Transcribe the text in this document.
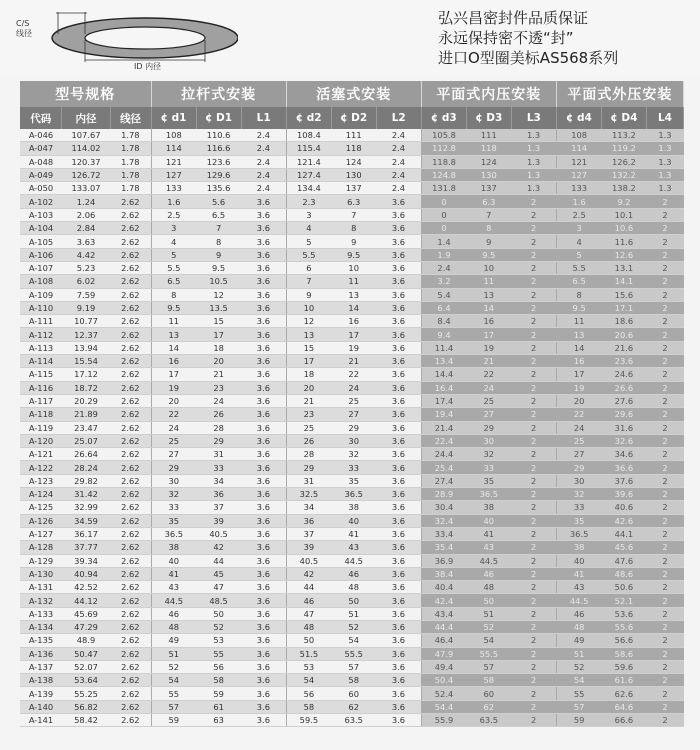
C/S
线径
ID 内径
弘兴昌密封件品质保证
永远保持密不透“封”
进口O型圈美标AS568系列
型号规格			拉杆式安装			活塞式安装			平面式内压安装			平面式外压安装		
代码	内径	线径	¢ d1	¢ D1	L1	¢ d2	¢ D2	L2	¢ d3	¢ D3	L3	¢ d4	¢ D4	L4
A-046	107.67	1.78	108	110.6	2.4	108.4	111	2.4	105.8	111	1.3	108	113.2	1.3
A-047	114.02	1.78	114	116.6	2.4	115.4	118	2.4	112.8	118	1.3	114	119.2	1.3
A-048	120.37	1.78	121	123.6	2.4	121.4	124	2.4	118.8	124	1.3	121	126.2	1.3
A-049	126.72	1.78	127	129.6	2.4	127.4	130	2.4	124.8	130	1.3	127	132.2	1.3
A-050	133.07	1.78	133	135.6	2.4	134.4	137	2.4	131.8	137	1.3	133	138.2	1.3
A-102	1.24	2.62	1.6	5.6	3.6	2.3	6.3	3.6	0	6.3	2	1.6	9.2	2
A-103	2.06	2.62	2.5	6.5	3.6	3	7	3.6	0	7	2	2.5	10.1	2
A-104	2.84	2.62	3	7	3.6	4	8	3.6	0	8	2	3	10.6	2
A-105	3.63	2.62	4	8	3.6	5	9	3.6	1.4	9	2	4	11.6	2
A-106	4.42	2.62	5	9	3.6	5.5	9.5	3.6	1.9	9.5	2	5	12.6	2
A-107	5.23	2.62	5.5	9.5	3.6	6	10	3.6	2.4	10	2	5.5	13.1	2
A-108	6.02	2.62	6.5	10.5	3.6	7	11	3.6	3.2	11	2	6.5	14.1	2
A-109	7.59	2.62	8	12	3.6	9	13	3.6	5.4	13	2	8	15.6	2
A-110	9.19	2.62	9.5	13.5	3.6	10	14	3.6	6.4	14	2	9.5	17.1	2
A-111	10.77	2.62	11	15	3.6	12	16	3.6	8.4	16	2	11	18.6	2
A-112	12.37	2.62	13	17	3.6	13	17	3.6	9.4	17	2	13	20.6	2
A-113	13.94	2.62	14	18	3.6	15	19	3.6	11.4	19	2	14	21.6	2
A-114	15.54	2.62	16	20	3.6	17	21	3.6	13.4	21	2	16	23.6	2
A-115	17.12	2.62	17	21	3.6	18	22	3.6	14.4	22	2	17	24.6	2
A-116	18.72	2.62	19	23	3.6	20	24	3.6	16.4	24	2	19	26.6	2
A-117	20.29	2.62	20	24	3.6	21	25	3.6	17.4	25	2	20	27.6	2
A-118	21.89	2.62	22	26	3.6	23	27	3.6	19.4	27	2	22	29.6	2
A-119	23.47	2.62	24	28	3.6	25	29	3.6	21.4	29	2	24	31.6	2
A-120	25.07	2.62	25	29	3.6	26	30	3.6	22.4	30	2	25	32.6	2
A-121	26.64	2.62	27	31	3.6	28	32	3.6	24.4	32	2	27	34.6	2
A-122	28.24	2.62	29	33	3.6	29	33	3.6	25.4	33	2	29	36.6	2
A-123	29.82	2.62	30	34	3.6	31	35	3.6	27.4	35	2	30	37.6	2
A-124	31.42	2.62	32	36	3.6	32.5	36.5	3.6	28.9	36.5	2	32	39.6	2
A-125	32.99	2.62	33	37	3.6	34	38	3.6	30.4	38	2	33	40.6	2
A-126	34.59	2.62	35	39	3.6	36	40	3.6	32.4	40	2	35	42.6	2
A-127	36.17	2.62	36.5	40.5	3.6	37	41	3.6	33.4	41	2	36.5	44.1	2
A-128	37.77	2.62	38	42	3.6	39	43	3.6	35.4	43	2	38	45.6	2
A-129	39.34	2.62	40	44	3.6	40.5	44.5	3.6	36.9	44.5	2	40	47.6	2
A-130	40.94	2.62	41	45	3.6	42	46	3.6	38.4	46	2	41	48.6	2
A-131	42.52	2.62	43	47	3.6	44	48	3.6	40.4	48	2	43	50.6	2
A-132	44.12	2.62	44.5	48.5	3.6	46	50	3.6	42.4	50	2	44.5	52.1	2
A-133	45.69	2.62	46	50	3.6	47	51	3.6	43.4	51	2	46	53.6	2
A-134	47.29	2.62	48	52	3.6	48	52	3.6	44.4	52	2	48	55.6	2
A-135	48.9	2.62	49	53	3.6	50	54	3.6	46.4	54	2	49	56.6	2
A-136	50.47	2.62	51	55	3.6	51.5	55.5	3.6	47.9	55.5	2	51	58.6	2
A-137	52.07	2.62	52	56	3.6	53	57	3.6	49.4	57	2	52	59.6	2
A-138	53.64	2.62	54	58	3.6	54	58	3.6	50.4	58	2	54	61.6	2
A-139	55.25	2.62	55	59	3.6	56	60	3.6	52.4	60	2	55	62.6	2
A-140	56.82	2.62	57	61	3.6	58	62	3.6	54.4	62	2	57	64.6	2
A-141	58.42	2.62	59	63	3.6	59.5	63.5	3.6	55.9	63.5	2	59	66.6	2
